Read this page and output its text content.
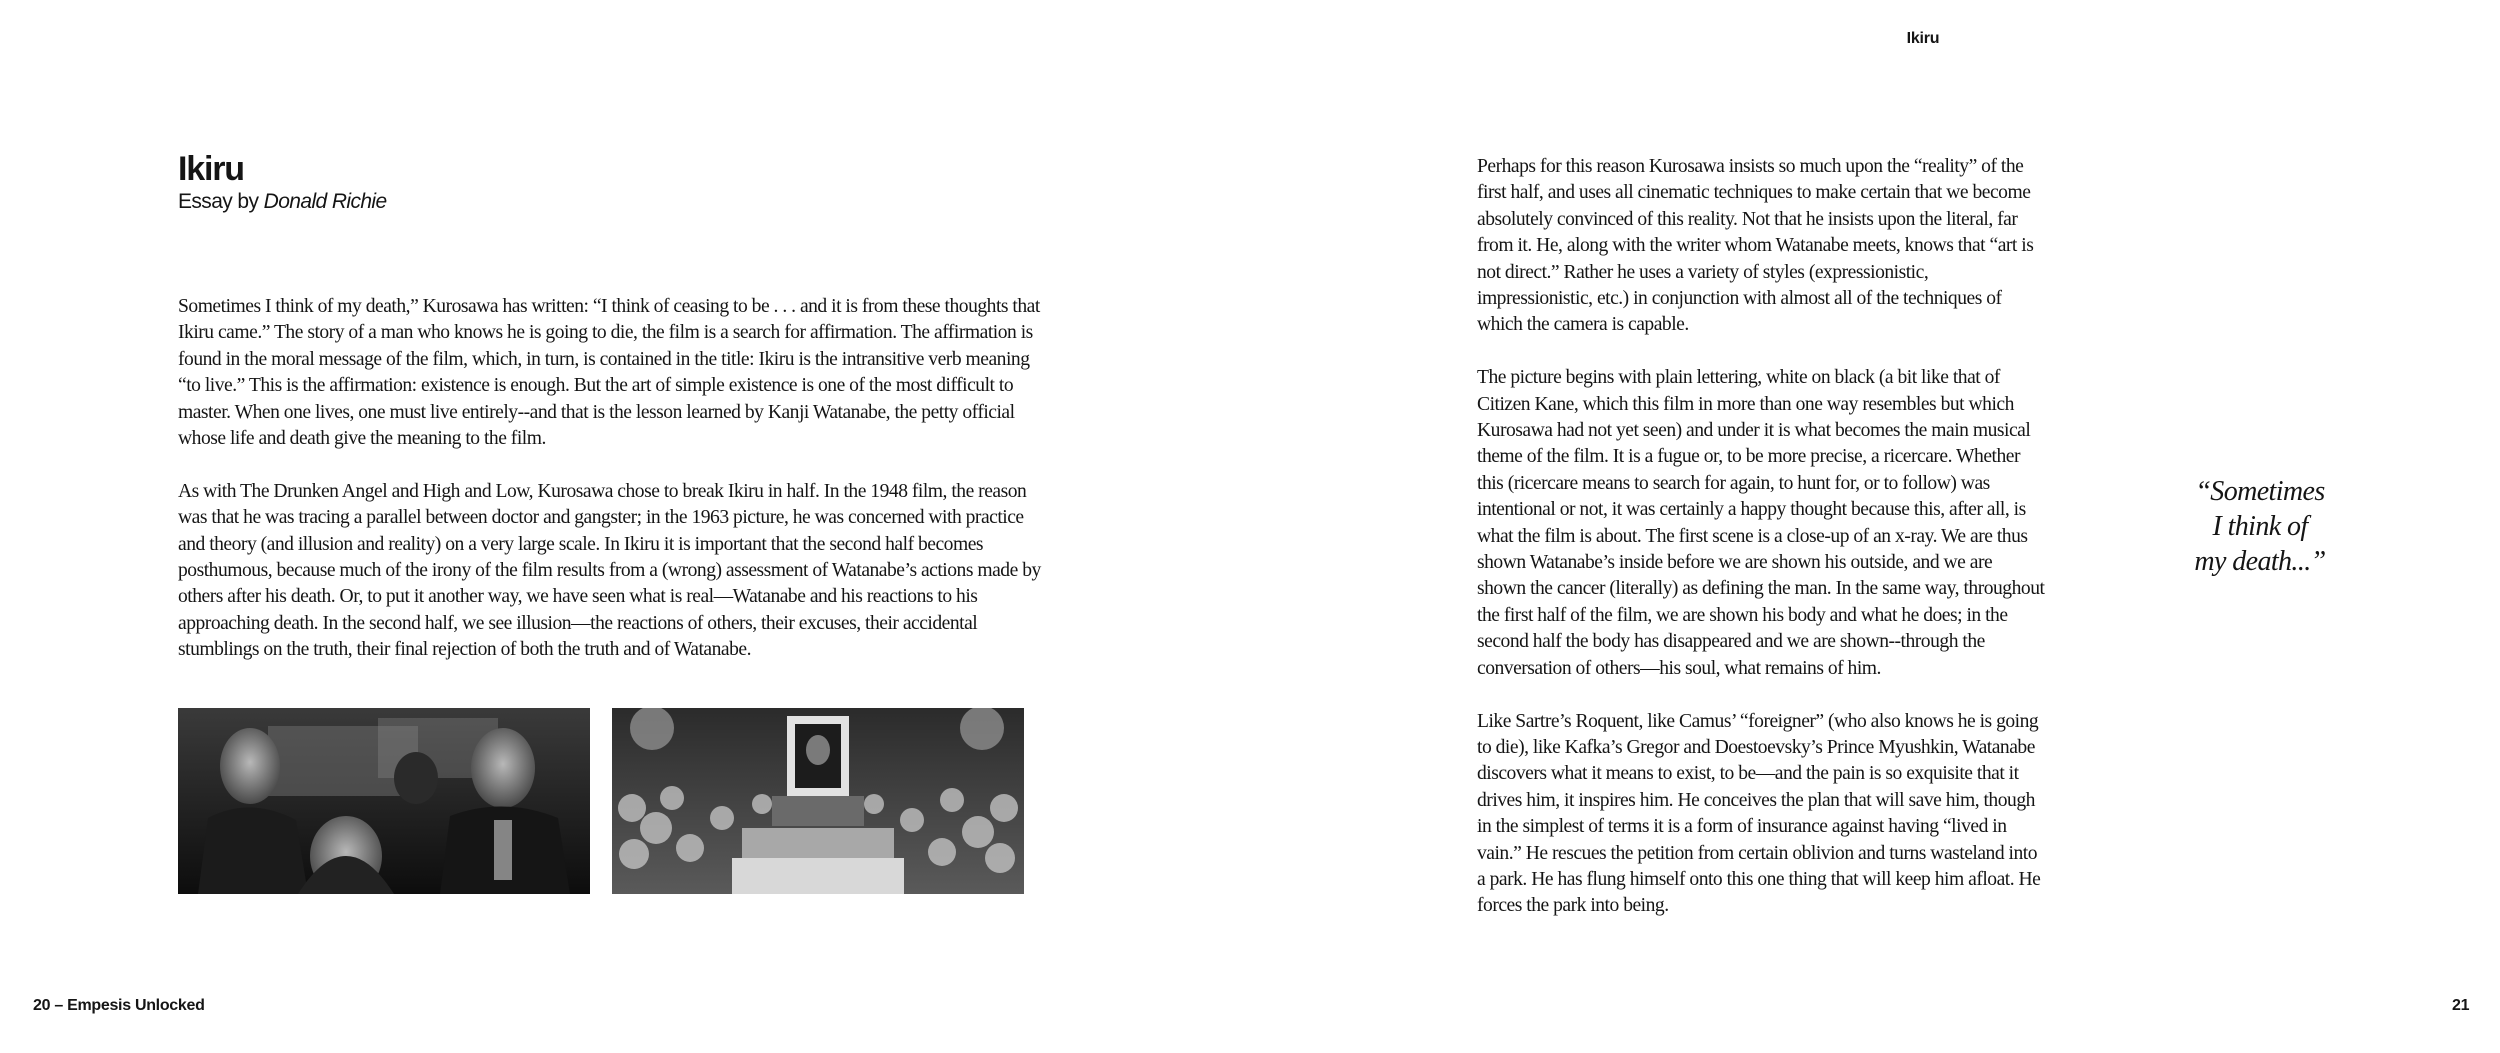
Ikiru

Essay by Donald Richie

Sometimes I think of my death,” Kurosawa has written: “I think of ceasing to be . . . and it is from these thoughts that Ikiru came.” The story of a man who knows he is going to die, the film is a search for affirmation. The affirmation is found in the moral message of the film, which, in turn, is contained in the title: Ikiru is the intransitive verb meaning “to live.” This is the affirmation: existence is enough. But the art of simple existence is one of the most difficult to master. When one lives, one must live entirely--and that is the lesson learned by Kanji Watanabe, the petty official whose life and death give the meaning to the film.

As with The Drunken Angel and High and Low, Kurosawa chose to break Ikiru in half. In the 1948 film, the reason was that he was tracing a parallel between doctor and gangster; in the 1963 picture, he was concerned with practice and theory (and illusion and reality) on a very large scale. In Ikiru it is important that the second half becomes posthumous, because much of the irony of the film results from a (wrong) assessment of Watanabe’s actions made by others after his death. Or, to put it another way, we have seen what is real—Watanabe and his reactions to his approaching death. In the second half, we see illusion—the reactions of others, their excuses, their accidental stumblings on the truth, their final rejection of both the truth and of Watanabe.

20 – Empesis Unlocked
Ikiru

Perhaps for this reason Kurosawa insists so much upon the “reality” of the first half, and uses all cinematic techniques to make certain that we become absolutely convinced of this reality. Not that he insists upon the literal, far from it. He, along with the writer whom Watanabe meets, knows that “art is not direct.” Rather he uses a variety of styles (expressionistic, impressionistic, etc.) in conjunction with almost all of the techniques of which the camera is capable.

The picture begins with plain lettering, white on black (a bit like that of Citizen Kane, which this film in more than one way resembles but which Kurosawa had not yet seen) and under it is what becomes the main musical theme of the film. It is a fugue or, to be more precise, a ricercare. Whether this (ricercare means to search for again, to hunt for, or to follow) was intentional or not, it was certainly a happy thought because this, after all, is what the film is about. The first scene is a close-up of an x-ray. We are thus shown Watanabe’s inside before we are shown his outside, and we are shown the cancer (literally) as defining the man. In the same way, throughout the first half of the film, we are shown his body and what he does; in the second half the body has disappeared and we are shown--through the conversation of others—his soul, what remains of him.

Like Sartre’s Roquent, like Camus’ “foreigner” (who also knows he is going to die), like Kafka’s Gregor and Doestoevsky’s Prince Myushkin, Watanabe discovers what it means to exist, to be—and the pain is so exquisite that it drives him, it inspires him. He conceives the plan that will save him, though in the simplest of terms it is a form of insurance against having “lived in vain.” He rescues the petition from certain oblivion and turns wasteland into a park. He has flung himself onto this one thing that will keep him afloat. He forces the park into being.

“Sometimes
I think of
my death...”
21
